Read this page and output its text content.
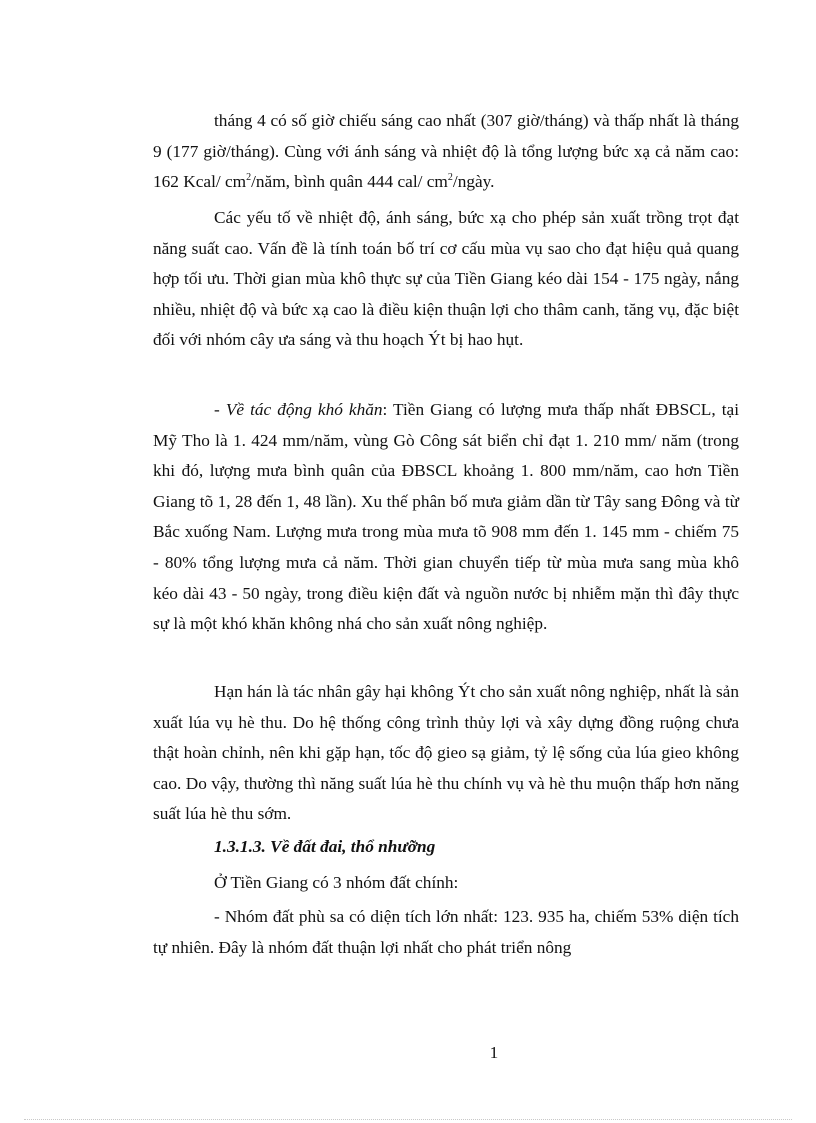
tháng 4 có số giờ chiếu sáng cao nhất (307 giờ/tháng) và thấp nhất là tháng 9 (177 giờ/tháng). Cùng với ánh sáng và nhiệt độ là tổng lượng bức xạ cả năm cao: 162 Kcal/ $cm^2$/năm, bình quân 444 cal/ $cm^2$/ngày.

Các yếu tố về nhiệt độ, ánh sáng, bức xạ cho phép sản xuất trồng trọt đạt năng suất cao. Vấn đề là tính toán bố trí cơ cấu mùa vụ sao cho đạt hiệu quả quang hợp tối ưu. Thời gian mùa khô thực sự của Tiền Giang kéo dài 154 - 175 ngày, nắng nhiều, nhiệt độ và bức xạ cao là điều kiện thuận lợi cho thâm canh, tăng vụ, đặc biệt đối với nhóm cây ưa sáng và thu hoạch Ýt bị hao hụt.

- Về tác động khó khăn: Tiền Giang có lượng mưa thấp nhất ĐBSCL, tại Mỹ Tho là 1. 424 mm/năm, vùng Gò Công sát biển chỉ đạt 1. 210 mm/ năm (trong khi đó, lượng mưa bình quân của ĐBSCL khoảng 1. 800 mm/năm, cao hơn Tiền Giang tõ 1, 28 đến 1, 48 lần). Xu thế phân bố mưa giảm dần từ Tây sang Đông và từ Bắc xuống Nam. Lượng mưa trong mùa mưa tõ 908 mm đến 1. 145 mm - chiếm 75 - 80% tổng lượng mưa cả năm. Thời gian chuyển tiếp từ mùa mưa sang mùa khô kéo dài 43 - 50 ngày, trong điều kiện đất và nguồn nước bị nhiễm mặn thì đây thực sự là một khó khăn không nhá cho sản xuất nông nghiệp.

Hạn hán là tác nhân gây hại không Ýt cho sản xuất nông nghiệp, nhất là sản xuất lúa vụ hè thu. Do hệ thống công trình thủy lợi và xây dựng đồng ruộng chưa thật hoàn chỉnh, nên khi gặp hạn, tốc độ gieo sạ giảm, tỷ lệ sống của lúa gieo không cao. Do vậy, thường thì năng suất lúa hè thu chính vụ và hè thu muộn thấp hơn năng suất lúa hè thu sớm.

1.3.1.3. Về đất đai, thổ nhưỡng

Ở Tiền Giang có 3 nhóm đất chính:

- Nhóm đất phù sa có diện tích lớn nhất: 123. 935 ha, chiếm 53% diện tích tự nhiên. Đây là nhóm đất thuận lợi nhất cho phát triển nông

1
